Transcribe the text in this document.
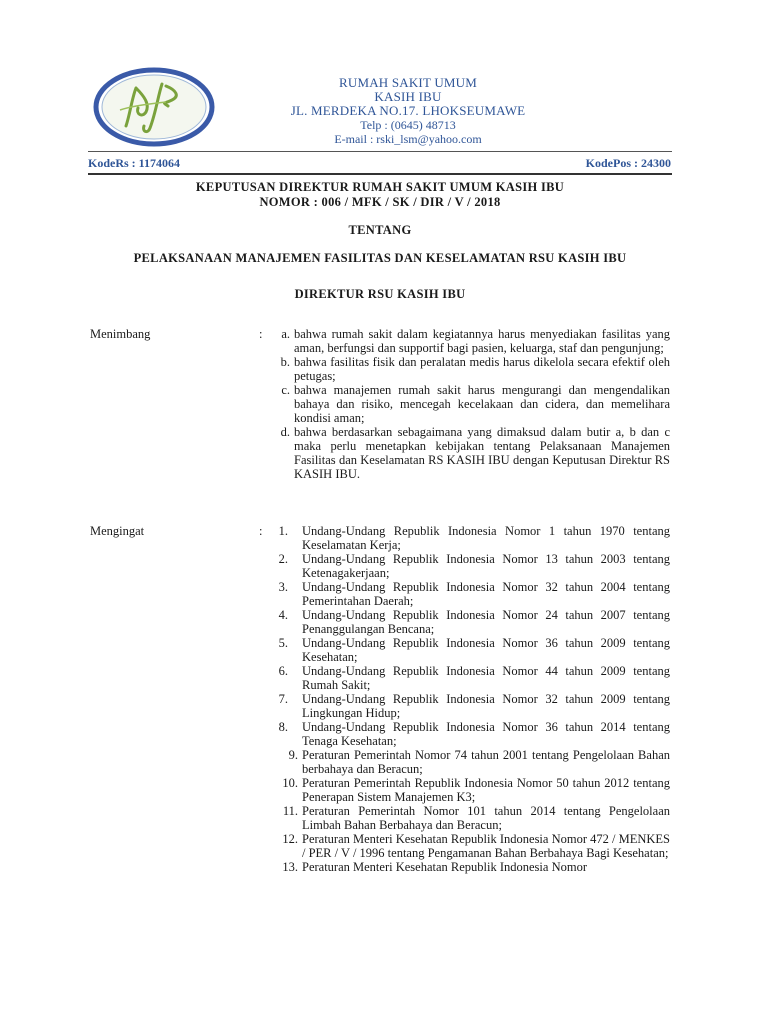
RUMAH SAKIT UMUM
KASIH IBU
JL. MERDEKA NO.17. LHOKSEUMAWE
Telp : (0645) 48713
E-mail : rski_lsm@yahoo.com
KodeRs : 1174064	KodePos : 24300
KEPUTUSAN DIREKTUR RUMAH SAKIT UMUM KASIH IBU
NOMOR : 006 / MFK / SK / DIR / V / 2018
TENTANG
PELAKSANAAN MANAJEMEN FASILITAS DAN KESELAMATAN RSU KASIH IBU
DIREKTUR RSU KASIH IBU
Menimbang	:	a. bahwa rumah sakit dalam kegiatannya harus menyediakan fasilitas yang aman, berfungsi dan supportif bagi pasien, keluarga, staf dan pengunjung;
b. bahwa fasilitas fisik dan peralatan medis harus dikelola secara efektif oleh petugas;
c. bahwa manajemen rumah sakit harus mengurangi dan mengendalikan bahaya dan risiko, mencegah kecelakaan dan cidera, dan memelihara kondisi aman;
d. bahwa berdasarkan sebagaimana yang dimaksud dalam butir a, b dan c maka perlu menetapkan kebijakan tentang Pelaksanaan Manajemen Fasilitas dan Keselamatan RS KASIH IBU dengan Keputusan Direktur RS KASIH IBU.
Mengingat	:	1.	Undang-Undang Republik Indonesia Nomor 1 tahun 1970 tentang Keselamatan Kerja;
2.	Undang-Undang Republik Indonesia Nomor 13 tahun 2003 tentang Ketenagakerjaan;
3.	Undang-Undang Republik Indonesia Nomor 32 tahun 2004 tentang Pemerintahan Daerah;
4.	Undang-Undang Republik Indonesia Nomor 24 tahun 2007 tentang Penanggulangan Bencana;
5.	Undang-Undang Republik Indonesia Nomor 36 tahun 2009 tentang Kesehatan;
6.	Undang-Undang Republik Indonesia Nomor 44 tahun 2009 tentang Rumah Sakit;
7.	Undang-Undang Republik Indonesia Nomor 32 tahun 2009 tentang Lingkungan Hidup;
8.	Undang-Undang Republik Indonesia Nomor 36 tahun 2014 tentang Tenaga Kesehatan;
9. Peraturan Pemerintah Nomor 74 tahun 2001 tentang Pengelolaan Bahan berbahaya dan Beracun;
10. Peraturan Pemerintah Republik Indonesia Nomor 50 tahun 2012 tentang Penerapan Sistem Manajemen K3;
11. Peraturan Pemerintah Nomor 101 tahun 2014 tentang Pengelolaan Limbah Bahan Berbahaya dan Beracun;
12. Peraturan Menteri Kesehatan Republik Indonesia Nomor 472 / MENKES / PER / V / 1996 tentang Pengamanan Bahan Berbahaya Bagi Kesehatan;
13. Peraturan Menteri Kesehatan Republik Indonesia Nomor
